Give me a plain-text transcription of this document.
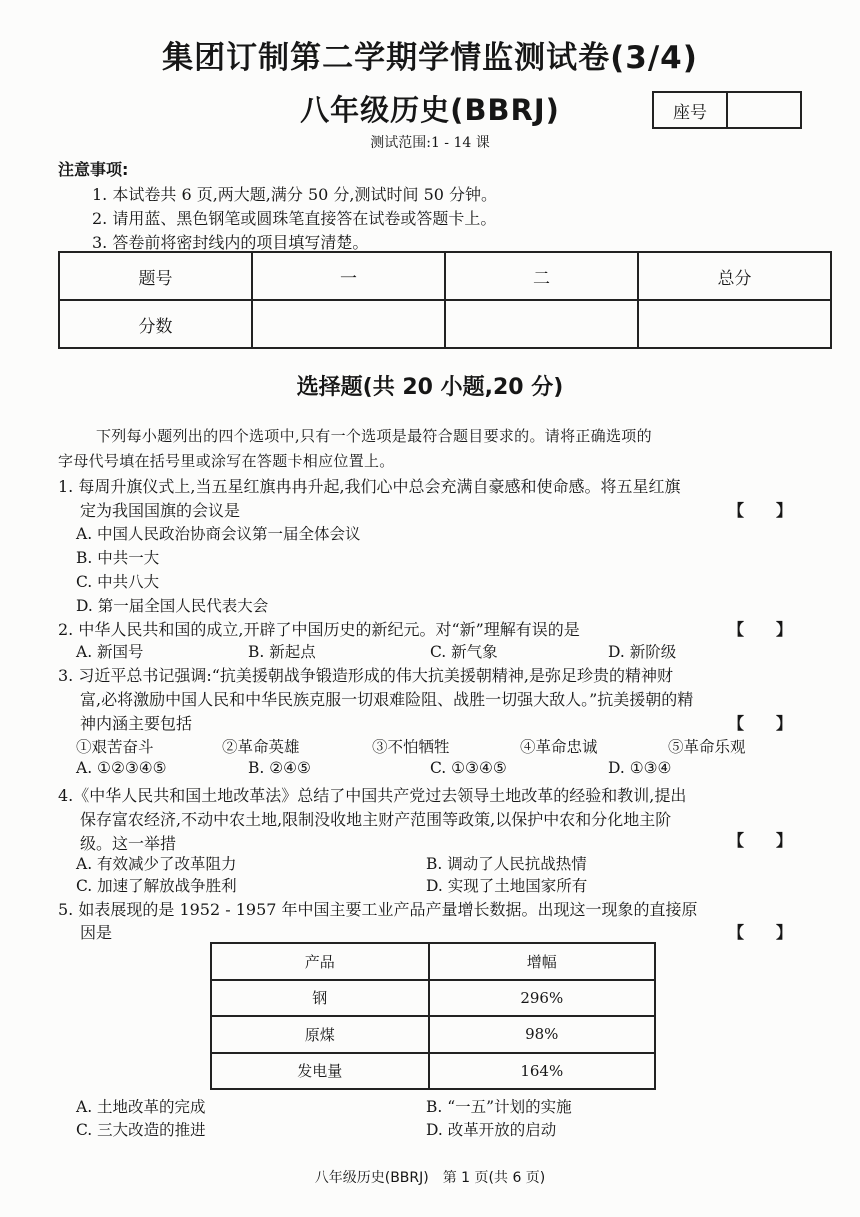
集团订制第二学期学情监测试卷(3/4)
八年级历史(BBRJ)	座号
测试范围:1 - 14 课
注意事项:
1. 本试卷共 6 页,两大题,满分 50 分,测试时间 50 分钟。
2. 请用蓝、黑色钢笔或圆珠笔直接答在试卷或答题卡上。
3. 答卷前将密封线内的项目填写清楚。
题号	一	二	总分
分数			
选择题(共 20 小题,20 分)
下列每小题列出的四个选项中,只有一个选项是最符合题目要求的。请将正确选项的
字母代号填在括号里或涂写在答题卡相应位置上。
1. 每周升旗仪式上,当五星红旗冉冉升起,我们心中总会充满自豪感和使命感。将五星红旗
定为我国国旗的会议是	【　　】
A. 中国人民政治协商会议第一届全体会议
B. 中共一大
C. 中共八大
D. 第一届全国人民代表大会
2. 中华人民共和国的成立,开辟了中国历史的新纪元。对“新”理解有误的是	【　　】
A. 新国号	B. 新起点	C. 新气象	D. 新阶级
3. 习近平总书记强调:“抗美援朝战争锻造形成的伟大抗美援朝精神,是弥足珍贵的精神财
富,必将激励中国人民和中华民族克服一切艰难险阻、战胜一切强大敌人。”抗美援朝的精
神内涵主要包括	【　　】
①艰苦奋斗	②革命英雄	③不怕牺牲	④革命忠诚	⑤革命乐观
A. ①②③④⑤	B. ②④⑤	C. ①③④⑤	D. ①③④
4.《中华人民共和国土地改革法》总结了中国共产党过去领导土地改革的经验和教训,提出
保存富农经济,不动中农土地,限制没收地主财产范围等政策,以保护中农和分化地主阶
级。这一举措	【　　】
A. 有效减少了改革阻力	B. 调动了人民抗战热情
C. 加速了解放战争胜利	D. 实现了土地国家所有
5. 如表展现的是 1952 - 1957 年中国主要工业产品产量增长数据。出现这一现象的直接原
因是	【　　】
产品	增幅
钢	296%
原煤	98%
发电量	164%
A. 土地改革的完成	B. “一五”计划的实施
C. 三大改造的推进	D. 改革开放的启动
八年级历史(BBRJ)　第 1 页(共 6 页)
